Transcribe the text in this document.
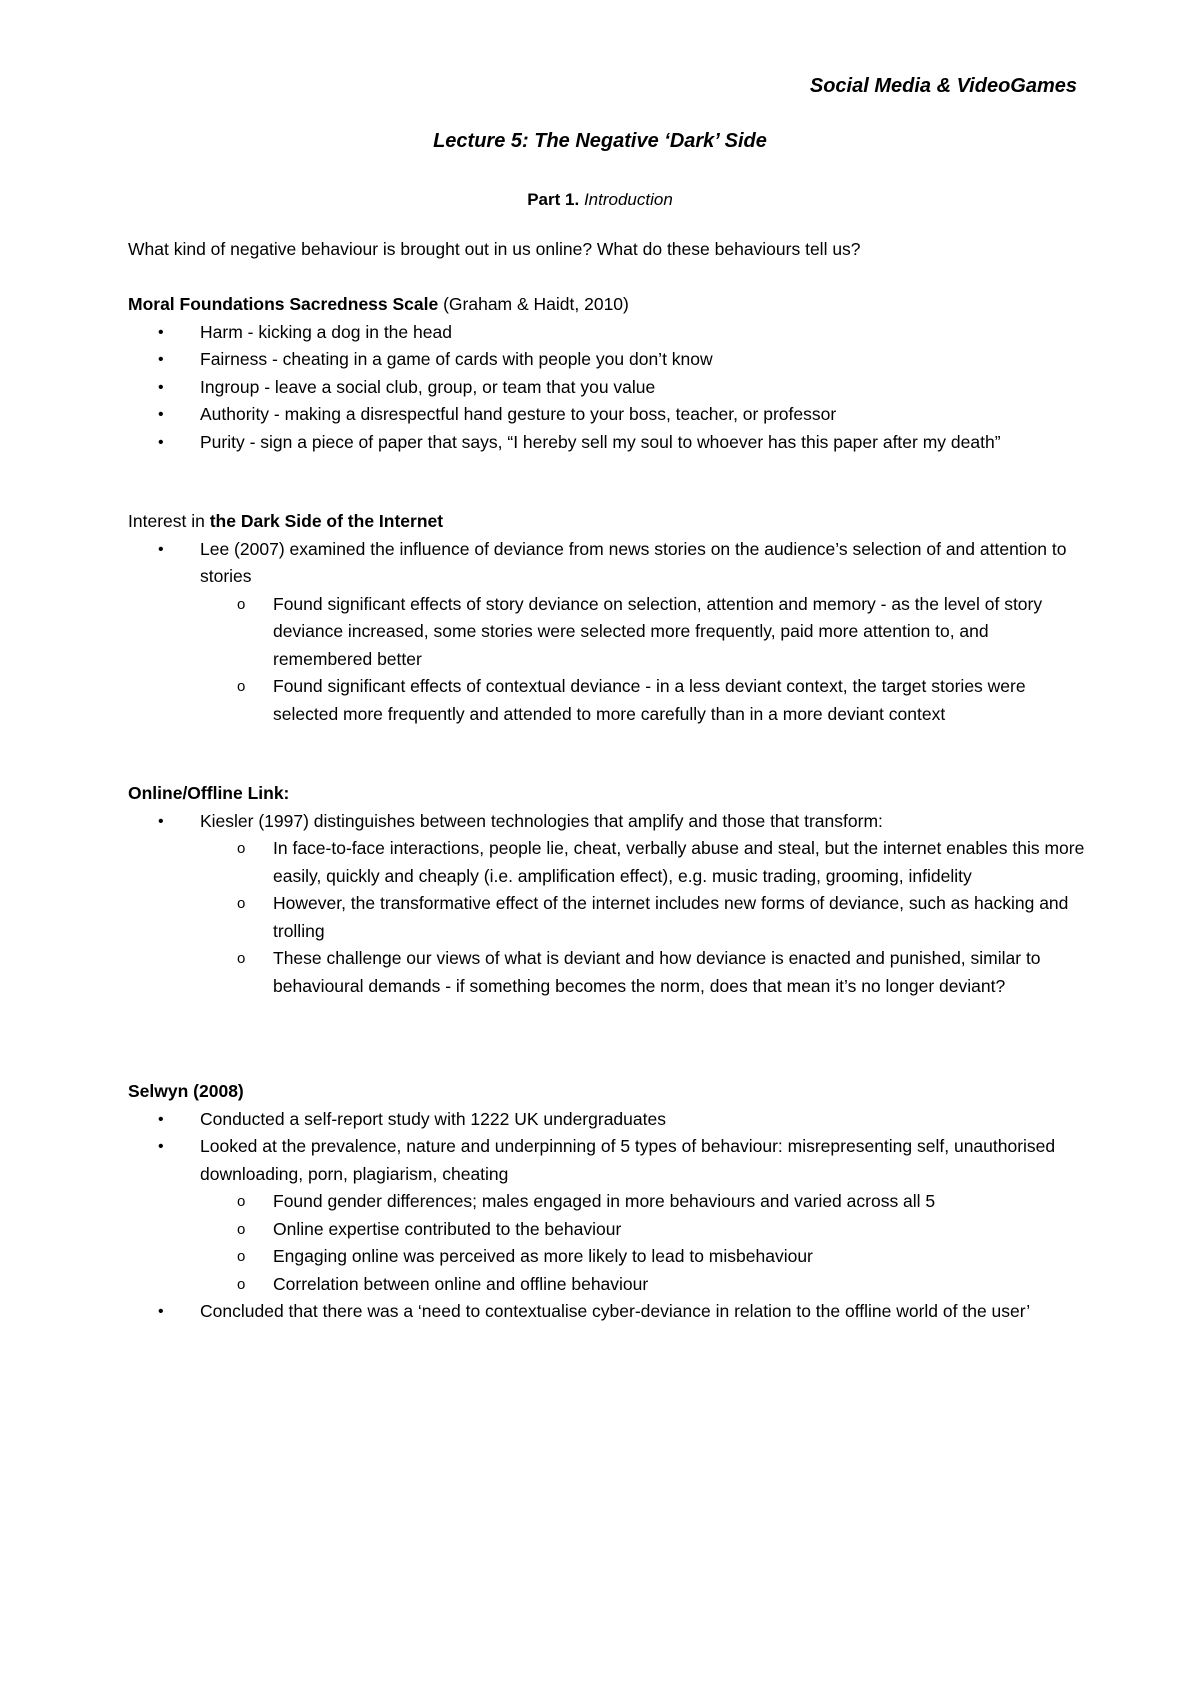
Social Media & VideoGames
Lecture 5: The Negative ‘Dark’ Side
Part 1. Introduction
What kind of negative behaviour is brought out in us online? What do these behaviours tell us?
Moral Foundations Sacredness Scale (Graham & Haidt, 2010)
• Harm - kicking a dog in the head
• Fairness - cheating in a game of cards with people you don’t know
• Ingroup - leave a social club, group, or team that you value
• Authority - making a disrespectful hand gesture to your boss, teacher, or professor
• Purity - sign a piece of paper that says, “I hereby sell my soul to whoever has this paper after my death”
Interest in the Dark Side of the Internet
• Lee (2007) examined the influence of deviance from news stories on the audience’s selection of and attention to stories
o Found significant effects of story deviance on selection, attention and memory - as the level of story deviance increased, some stories were selected more frequently, paid more attention to, and remembered better
o Found significant effects of contextual deviance - in a less deviant context, the target stories were selected more frequently and attended to more carefully than in a more deviant context
Online/Offline Link:
• Kiesler (1997) distinguishes between technologies that amplify and those that transform:
o In face-to-face interactions, people lie, cheat, verbally abuse and steal, but the internet enables this more easily, quickly and cheaply (i.e. amplification effect), e.g. music trading, grooming, infidelity
o However, the transformative effect of the internet includes new forms of deviance, such as hacking and trolling
o These challenge our views of what is deviant and how deviance is enacted and punished, similar to behavioural demands - if something becomes the norm, does that mean it’s no longer deviant?
Selwyn (2008)
• Conducted a self-report study with 1222 UK undergraduates
• Looked at the prevalence, nature and underpinning of 5 types of behaviour: misrepresenting self, unauthorised downloading, porn, plagiarism, cheating
o Found gender differences; males engaged in more behaviours and varied across all 5
o Online expertise contributed to the behaviour
o Engaging online was perceived as more likely to lead to misbehaviour
o Correlation between online and offline behaviour
• Concluded that there was a ‘need to contextualise cyber-deviance in relation to the offline world of the user’
